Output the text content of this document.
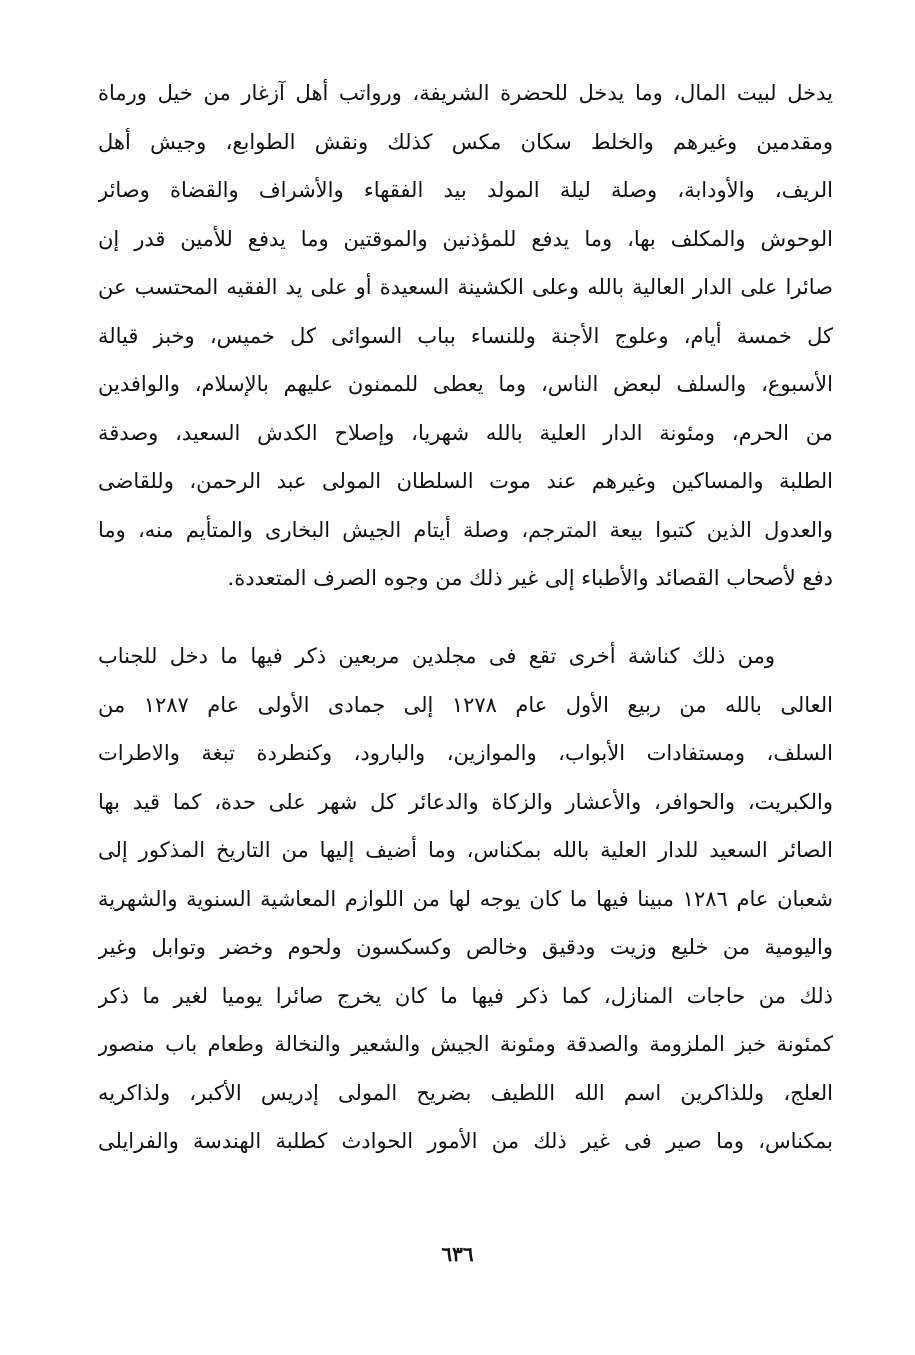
يدخل لبيت المال، وما يدخل للحضرة الشريفة، ورواتب أهل آزغار من خيل ورماة
ومقدمين وغيرهم والخلط سكان مكس كذلك ونقش الطوابع، وجيش أهل
الريف، والأودابة، وصلة ليلة المولد بيد الفقهاء والأشراف والقضاة وصائر
الوحوش والمكلف بها، وما يدفع للمؤذنين والموقتين وما يدفع للأمين قدر إن
صائرا على الدار العالية بالله وعلى الكشينة السعيدة أو على يد الفقيه المحتسب عن
كل خمسة أيام، وعلوج الأجنة وللنساء بباب السوائى كل خميس، وخبز قيالة
الأسبوع، والسلف لبعض الناس، وما يعطى للممنون عليهم بالإسلام، والوافدين
من الحرم، ومئونة الدار العلية بالله شهريا، وإصلاح الكدش السعيد، وصدقة
الطلبة والمساكين وغيرهم عند موت السلطان المولى عبد الرحمن، وللقاضى
والعدول الذين كتبوا بيعة المترجم، وصلة أيتام الجيش البخارى والمتأيم منه، وما
دفع لأصحاب القصائد والأطباء إلى غير ذلك من وجوه الصرف المتعددة.
ومن ذلك كناشة أخرى تقع فى مجلدين مربعين ذكر فيها ما دخل للجناب
العالى بالله من ربيع الأول عام ١٢٧٨ إلى جمادى الأولى عام ١٢٨٧ من
السلف، ومستفادات الأبواب، والموازين، والبارود، وكنطردة تبغة والاطرات
والكبريت، والحوافر، والأعشار والزكاة والدعائر كل شهر على حدة، كما قيد بها
الصائر السعيد للدار العلية بالله بمكناس، وما أضيف إليها من التاريخ المذكور إلى
شعبان عام ١٢٨٦ مبينا فيها ما كان يوجه لها من اللوازم المعاشية السنوية والشهرية
واليومية من خليع وزيت ودقيق وخالص وكسكسون ولحوم وخضر وتوابل وغير
ذلك من حاجات المنازل، كما ذكر فيها ما كان يخرج صائرا يوميا لغير ما ذكر
كمئونة خبز الملزومة والصدقة ومئونة الجيش والشعير والنخالة وطعام باب منصور
العلج، وللذاكرين اسم الله اللطيف بضريح المولى إدريس الأكبر، ولذاكريه
بمكناس، وما صير فى غير ذلك من الأمور الحوادث كطلبة الهندسة والفرايلى
٦٣٦
